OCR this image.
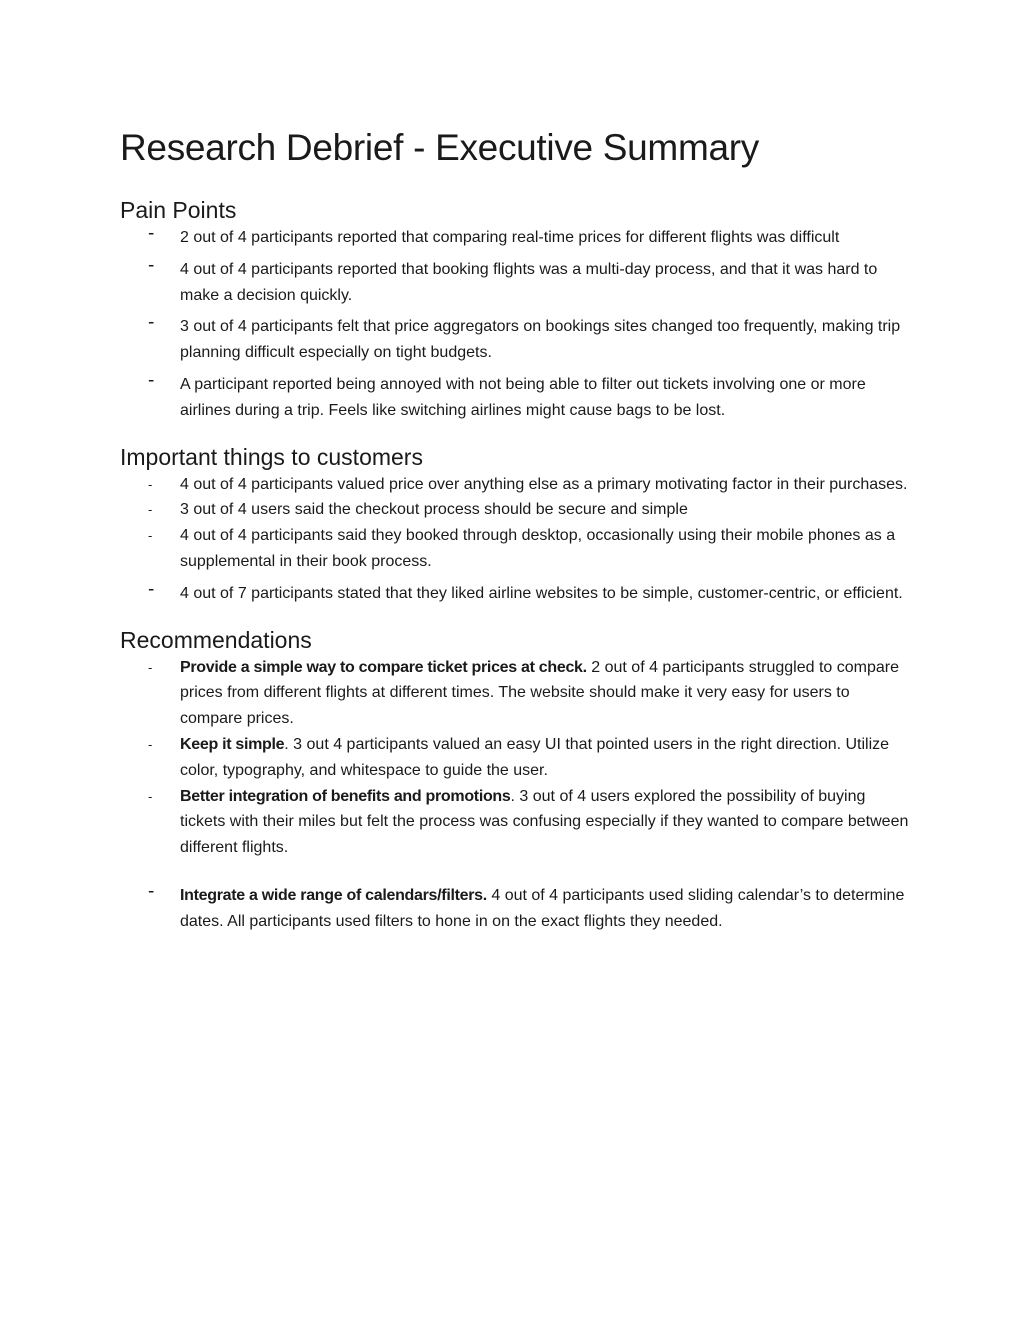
Research Debrief - Executive Summary
Pain Points
-	2 out of 4 participants reported that comparing real-time prices for different flights was difficult
-	4 out of 4 participants reported that booking flights was a multi-day process, and that it was hard to make a decision quickly.
-	3 out of 4 participants felt that price aggregators on bookings sites changed too frequently, making trip planning difficult especially on tight budgets.
-	A participant reported being annoyed with not being able to filter out tickets involving one or more airlines during a trip. Feels like switching airlines might cause bags to be lost.
Important things to customers
-	4 out of 4 participants valued price over anything else as a primary motivating factor in their purchases.
-	3 out of 4 users said the checkout process should be secure and simple
-	4 out of 4 participants said they booked through desktop, occasionally using their mobile phones as a supplemental in their book process.
-	4 out of 7 participants stated that they liked airline websites to be simple, customer-centric, or efficient.
Recommendations
-	Provide a simple way to compare ticket prices at check. 2 out of 4 participants struggled to compare prices from different flights at different times. The website should make it very easy for users to compare prices.
-	Keep it simple. 3 out 4 participants valued an easy UI that pointed users in the right direction. Utilize color, typography, and whitespace to guide the user.
-	Better integration of benefits and promotions. 3 out of 4 users explored the possibility of buying tickets with their miles but felt the process was confusing especially if they wanted to compare between different flights.
-	Integrate a wide range of calendars/filters. 4 out of 4 participants used sliding calendar’s to determine dates. All participants used filters to hone in on the exact flights they needed.
